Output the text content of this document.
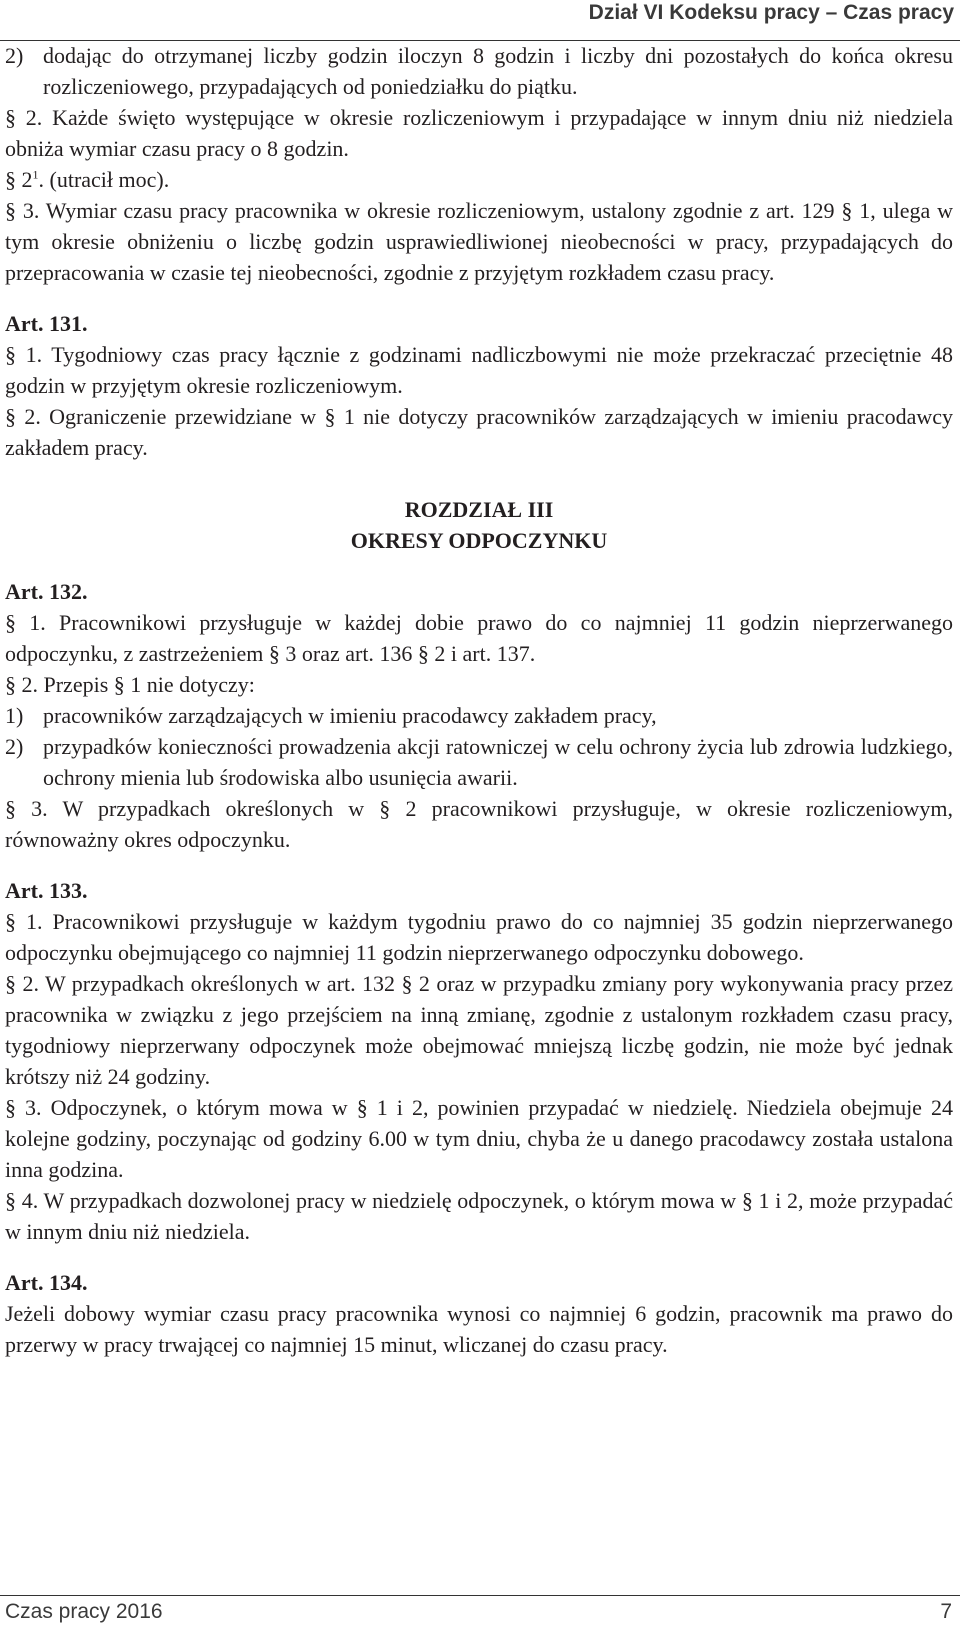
Dział VI Kodeksu pracy – Czas pracy
2) dodając do otrzymanej liczby godzin iloczyn 8 godzin i liczby dni pozostałych do końca okresu rozliczeniowego, przypadających od poniedziałku do piątku.

§ 2. Każde święto występujące w okresie rozliczeniowym i przypadające w innym dniu niż niedziela obniża wymiar czasu pracy o 8 godzin.

§ $2^1$. (utracił moc).

§ 3. Wymiar czasu pracy pracownika w okresie rozliczeniowym, ustalony zgodnie z art. 129 § 1, ulega w tym okresie obniżeniu o liczbę godzin usprawiedliwionej nieobecności w pracy, przypadających do przepracowania w czasie tej nieobecności, zgodnie z przyjętym rozkładem czasu pracy.

Art. 131.

§ 1. Tygodniowy czas pracy łącznie z godzinami nadliczbowymi nie może przekraczać przeciętnie 48 godzin w przyjętym okresie rozliczeniowym.

§ 2. Ograniczenie przewidziane w § 1 nie dotyczy pracowników zarządzających w imieniu pracodawcy zakładem pracy.

ROZDZIAŁ III

OKRESY ODPOCZYNKU

Art. 132.

§ 1. Pracownikowi przysługuje w każdej dobie prawo do co najmniej 11 godzin nieprzerwanego odpoczynku, z zastrzeżeniem § 3 oraz art. 136 § 2 i art. 137.

§ 2. Przepis § 1 nie dotyczy:

1) pracowników zarządzających w imieniu pracodawcy zakładem pracy,
2) przypadków konieczności prowadzenia akcji ratowniczej w celu ochrony życia lub zdrowia ludzkiego, ochrony mienia lub środowiska albo usunięcia awarii.

§ 3. W przypadkach określonych w § 2 pracownikowi przysługuje, w okresie rozliczeniowym, równoważny okres odpoczynku.

Art. 133.

§ 1. Pracownikowi przysługuje w każdym tygodniu prawo do co najmniej 35 godzin nieprzerwanego odpoczynku obejmującego co najmniej 11 godzin nieprzerwanego odpoczynku dobowego.

§ 2. W przypadkach określonych w art. 132 § 2 oraz w przypadku zmiany pory wykonywania pracy przez pracownika w związku z jego przejściem na inną zmianę, zgodnie z ustalonym rozkładem czasu pracy, tygodniowy nieprzerwany odpoczynek może obejmować mniejszą liczbę godzin, nie może być jednak krótszy niż 24 godziny.

§ 3. Odpoczynek, o którym mowa w § 1 i 2, powinien przypadać w niedzielę. Niedziela obejmuje 24 kolejne godziny, poczynając od godziny 6.00 w tym dniu, chyba że u danego pracodawcy została ustalona inna godzina.

§ 4. W przypadkach dozwolonej pracy w niedzielę odpoczynek, o którym mowa w § 1 i 2, może przypadać w innym dniu niż niedziela.

Art. 134.

Jeżeli dobowy wymiar czasu pracy pracownika wynosi co najmniej 6 godzin, pracownik ma prawo do przerwy w pracy trwającej co najmniej 15 minut, wliczanej do czasu pracy.

Czas pracy 2016	7
